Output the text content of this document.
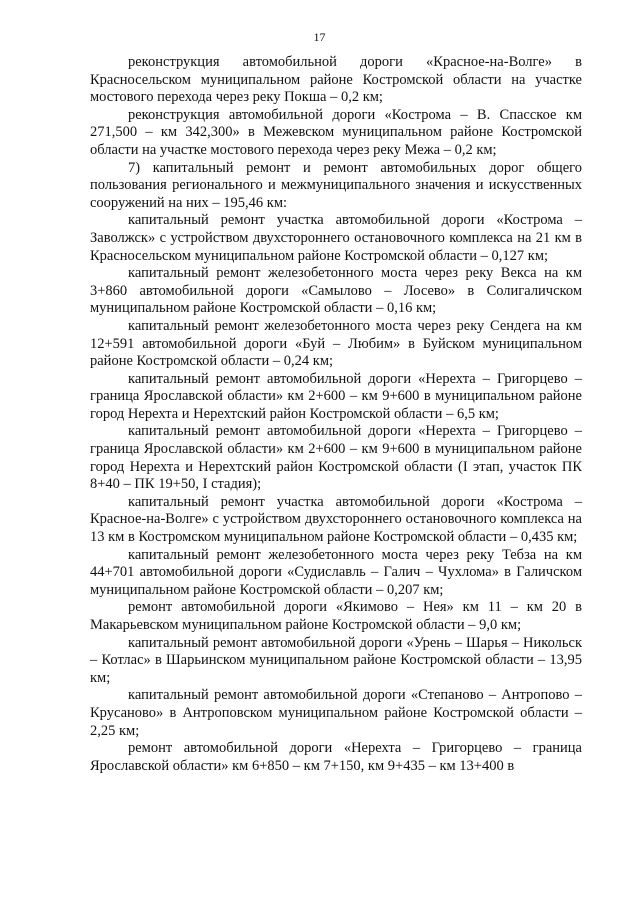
17

реконструкция автомобильной дороги «Красное-на-Волге» в Красносельском муниципальном районе Костромской области на участке мостового перехода через реку Покша – 0,2 км;

реконструкция автомобильной дороги «Кострома – В. Спасское км 271,500 – км 342,300» в Межевском муниципальном районе Костромской области на участке мостового перехода через реку Межа – 0,2 км;

7) капитальный ремонт и ремонт автомобильных дорог общего пользования регионального и межмуниципального значения и искусственных сооружений на них – 195,46 км:

капитальный ремонт участка автомобильной дороги «Кострома – Заволжск» с устройством двухстороннего остановочного комплекса на 21 км в Красносельском муниципальном районе Костромской области – 0,127 км;

капитальный ремонт железобетонного моста через реку Векса на км 3+860 автомобильной дороги «Самылово – Лосево» в Солигаличском муниципальном районе Костромской области – 0,16 км;

капитальный ремонт железобетонного моста через реку Сендега на км 12+591 автомобильной дороги «Буй – Любим» в Буйском муниципальном районе Костромской области – 0,24 км;

капитальный ремонт автомобильной дороги «Нерехта – Григорцево – граница Ярославской области» км 2+600 – км 9+600 в муниципальном районе город Нерехта и Нерехтский район Костромской области – 6,5 км;

капитальный ремонт автомобильной дороги «Нерехта – Григорцево – граница Ярославской области» км 2+600 – км 9+600 в муниципальном районе город Нерехта и Нерехтский район Костромской области (I этап, участок ПК 8+40 – ПК 19+50, I стадия);

капитальный ремонт участка автомобильной дороги «Кострома – Красное-на-Волге» с устройством двухстороннего остановочного комплекса на 13 км в Костромском муниципальном районе Костромской области – 0,435 км;

капитальный ремонт железобетонного моста через реку Тебза на км 44+701 автомобильной дороги «Судиславль – Галич – Чухлома» в Галичском муниципальном районе Костромской области – 0,207 км;

ремонт автомобильной дороги «Якимово – Нея» км 11 – км 20 в Макарьевском муниципальном районе Костромской области – 9,0 км;

капитальный ремонт автомобильной дороги «Урень – Шарья – Никольск – Котлас» в Шарьинском муниципальном районе Костромской области – 13,95 км;

капитальный ремонт автомобильной дороги «Степаново – Антропово – Крусаново» в Антроповском муниципальном районе Костромской области – 2,25 км;

ремонт автомобильной дороги «Нерехта – Григорцево – граница Ярославской области» км 6+850 – км 7+150, км 9+435 – км 13+400 в
